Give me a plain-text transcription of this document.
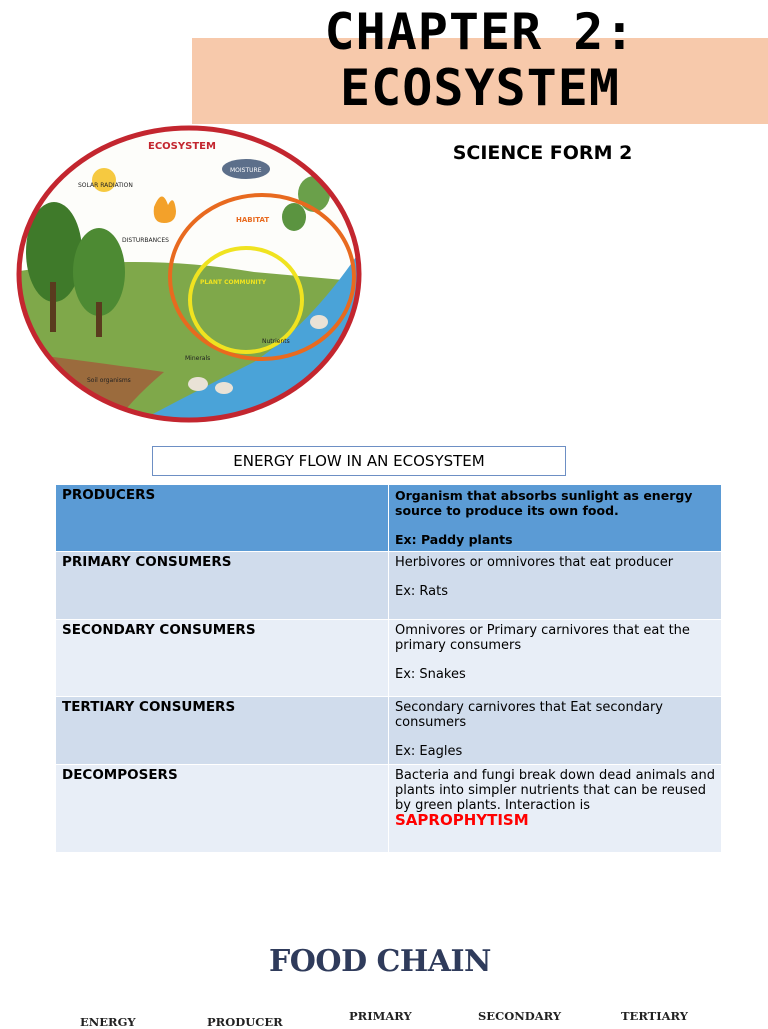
CHAPTER 2:
ECOSYSTEM
SCIENCE FORM 2
ECOSYSTEM
SOLAR RADIATION
MOISTURE
DISTURBANCES
HABITAT
PLANT COMMUNITY
Nutrients
Minerals
Soil organisms
ENERGY FLOW IN AN ECOSYSTEM
PRODUCERS	Organism that absorbs sunlight as energy source to produce its own food.
Ex: Paddy plants

PRIMARY CONSUMERS	Herbivores or omnivores that eat producer
Ex: Rats

SECONDARY CONSUMERS	Omnivores or Primary carnivores that eat the primary consumers
Ex: Snakes

TERTIARY CONSUMERS	Secondary carnivores that Eat secondary consumers
Ex: Eagles

DECOMPOSERS	Bacteria and fungi break down dead animals and plants into simpler nutrients that can be reused by green plants. Interaction is SAPROPHYTISM
FOOD CHAIN
ENERGY	PRODUCER	PRIMARY	SECONDARY	TERTIARY
